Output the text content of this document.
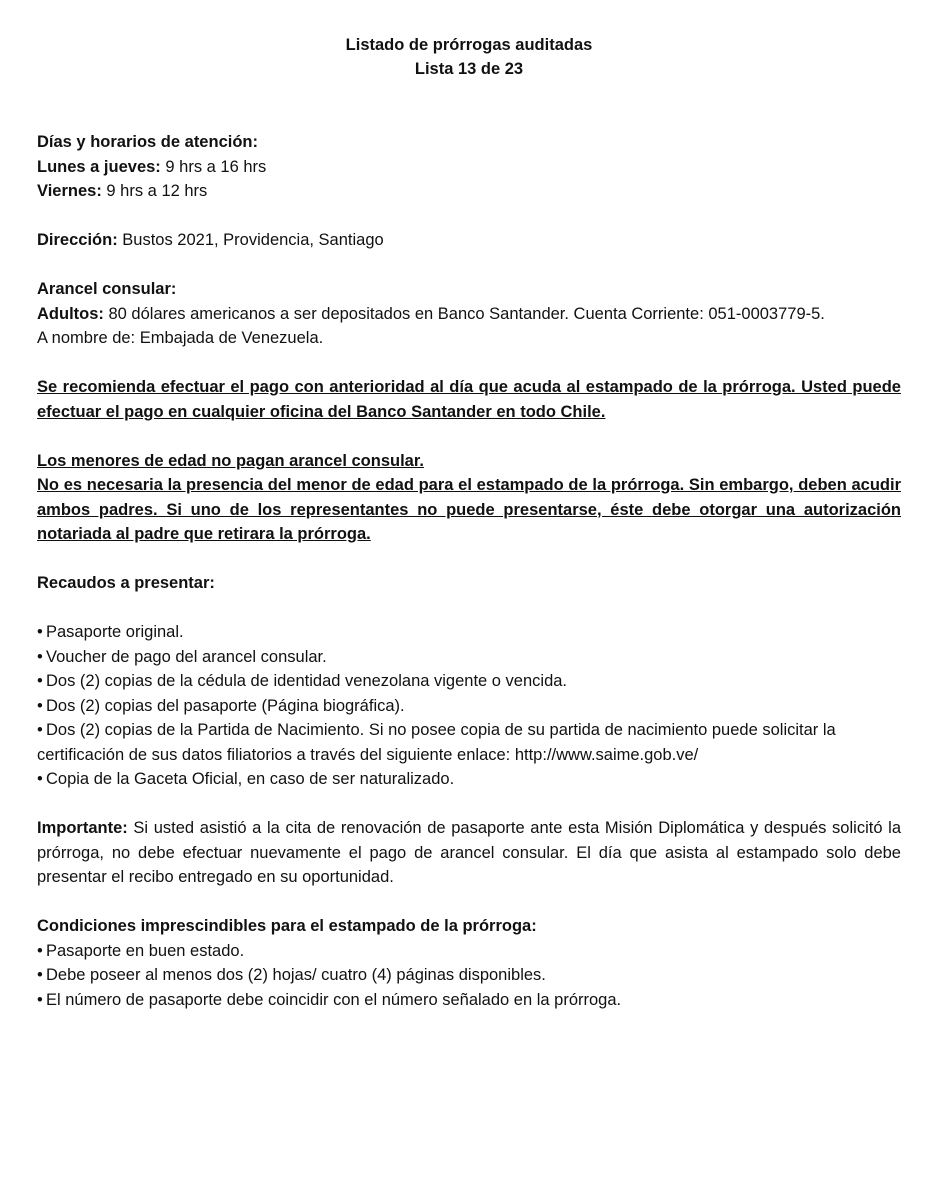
Listado de prórrogas auditadas
Lista 13 de 23

Días y horarios de atención:

Lunes a jueves: 9 hrs a 16 hrs

Viernes: 9 hrs a 12 hrs

Dirección: Bustos 2021, Providencia, Santiago

Arancel consular:

Adultos: 80 dólares americanos a ser depositados en Banco Santander. Cuenta Corriente: 051-0003779-5.

A nombre de: Embajada de Venezuela.

Se recomienda efectuar el pago con anterioridad al día que acuda al estampado de la prórroga. Usted puede efectuar el pago en cualquier oficina del Banco Santander en todo Chile.

Los menores de edad no pagan arancel consular.

No es necesaria la presencia del menor de edad para el estampado de la prórroga. Sin embargo, deben acudir ambos padres. Si uno de los representantes no puede presentarse, éste debe otorgar una autorización notariada al padre que retirara la prórroga.

Recaudos a presentar:

• Pasaporte original.
• Voucher de pago del arancel consular.
• Dos (2) copias de la cédula de identidad venezolana vigente o vencida.
• Dos (2) copias del pasaporte (Página biográfica).
• Dos (2) copias de la Partida de Nacimiento. Si no posee copia de su partida de nacimiento puede solicitar la certificación de sus datos filiatorios a través del siguiente enlace: http://www.saime.gob.ve/
• Copia de la Gaceta Oficial, en caso de ser naturalizado.

Importante: Si usted asistió a la cita de renovación de pasaporte ante esta Misión Diplomática y después solicitó la prórroga, no debe efectuar nuevamente el pago de arancel consular. El día que asista al estampado solo debe presentar el recibo entregado en su oportunidad.

Condiciones imprescindibles para el estampado de la prórroga:

• Pasaporte en buen estado.
• Debe poseer al menos dos (2) hojas/ cuatro (4) páginas disponibles.
• El número de pasaporte debe coincidir con el número señalado en la prórroga.
